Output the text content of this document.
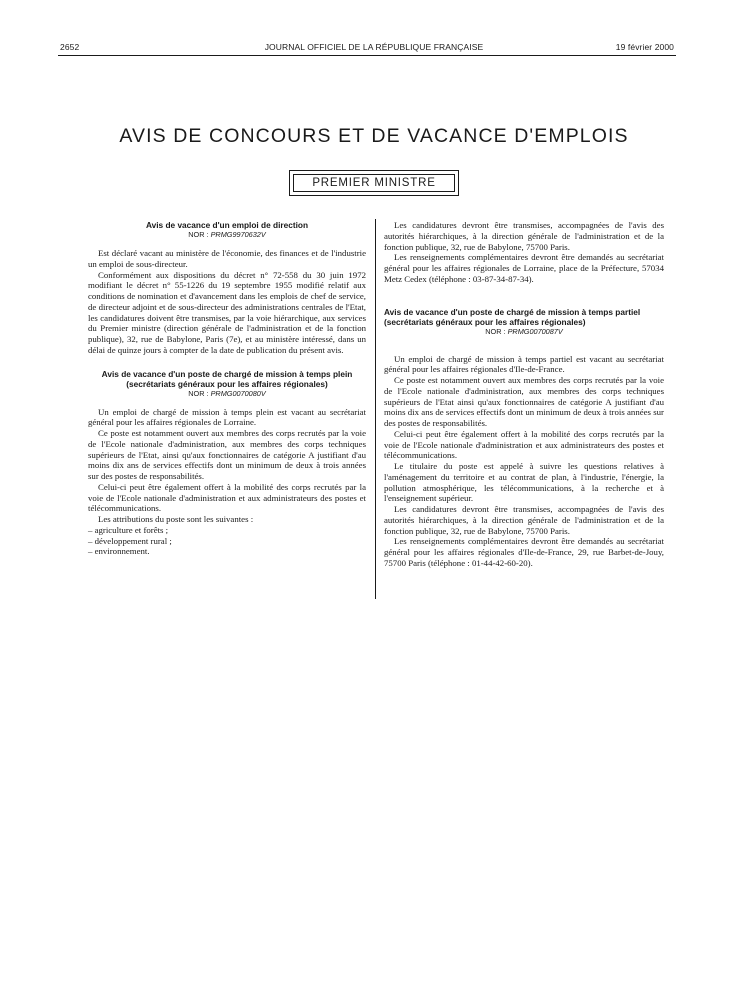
2652	JOURNAL OFFICIEL DE LA RÉPUBLIQUE FRANÇAISE	19 février 2000
AVIS DE CONCOURS ET DE VACANCE D'EMPLOIS
PREMIER MINISTRE
Avis de vacance d'un emploi de direction
NOR : PRMG9970632V

Est déclaré vacant au ministère de l'économie, des finances et de l'industrie un emploi de sous-directeur.

Conformément aux dispositions du décret n° 72-558 du 30 juin 1972 modifiant le décret n° 55-1226 du 19 septembre 1955 modifié relatif aux conditions de nomination et d'avancement dans les emplois de chef de service, de directeur adjoint et de sous-directeur des administrations centrales de l'Etat, les candidatures doivent être transmises, par la voie hiérarchique, aux services du Premier ministre (direction générale de l'administration et de la fonction publique), 32, rue de Babylone, Paris (7e), et au ministère intéressé, dans un délai de quinze jours à compter de la date de publication du présent avis.

Avis de vacance d'un poste de chargé de mission à temps plein (secrétariats généraux pour les affaires régionales)
NOR : PRMG0070080V

Un emploi de chargé de mission à temps plein est vacant au secrétariat général pour les affaires régionales de Lorraine.

Ce poste est notamment ouvert aux membres des corps recrutés par la voie de l'Ecole nationale d'administration, aux membres des corps techniques supérieurs de l'Etat, ainsi qu'aux fonctionnaires de catégorie A justifiant d'au moins dix ans de services effectifs dont un minimum de deux à trois années sur des postes de responsabilités.

Celui-ci peut être également offert à la mobilité des corps recrutés par la voie de l'Ecole nationale d'administration et aux administrateurs des postes et télécommunications.

Les attributions du poste sont les suivantes :

– agriculture et forêts ;
– développement rural ;
– environnement.

Les candidatures devront être transmises, accompagnées de l'avis des autorités hiérarchiques, à la direction générale de l'administration et de la fonction publique, 32, rue de Babylone, 75700 Paris.

Les renseignements complémentaires devront être demandés au secrétariat général pour les affaires régionales de Lorraine, place de la Préfecture, 57034 Metz Cedex (téléphone : 03-87-34-87-34).

Avis de vacance d'un poste de chargé de mission à temps partiel (secrétariats généraux pour les affaires régionales)
NOR : PRMG0070087V

Un emploi de chargé de mission à temps partiel est vacant au secrétariat général pour les affaires régionales d'Ile-de-France.

Ce poste est notamment ouvert aux membres des corps recrutés par la voie de l'Ecole nationale d'administration, aux membres des corps techniques supérieurs de l'Etat ainsi qu'aux fonctionnaires de catégorie A justifiant d'au moins dix ans de services effectifs dont un minimum de deux à trois années sur des postes de responsabilités.

Celui-ci peut être également offert à la mobilité des corps recrutés par la voie de l'Ecole nationale d'administration et aux administrateurs des postes et télécommunications.

Le titulaire du poste est appelé à suivre les questions relatives à l'aménagement du territoire et au contrat de plan, à l'industrie, l'énergie, la pollution atmosphérique, les télécommunications, à la recherche et à l'enseignement supérieur.

Les candidatures devront être transmises, accompagnées de l'avis des autorités hiérarchiques, à la direction générale de l'administration et de la fonction publique, 32, rue de Babylone, 75700 Paris.

Les renseignements complémentaires devront être demandés au secrétariat général pour les affaires régionales d'Ile-de-France, 29, rue Barbet-de-Jouy, 75700 Paris (téléphone : 01-44-42-60-20).
